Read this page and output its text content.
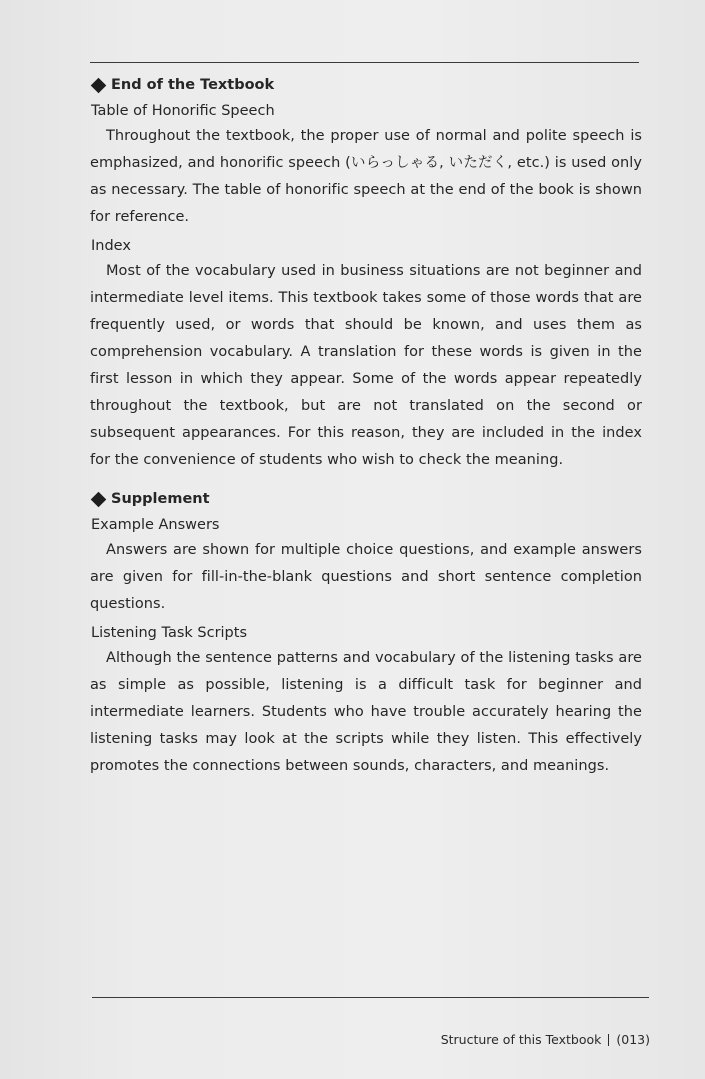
End of the Textbook
Table of Honorific Speech

Throughout the textbook, the proper use of normal and polite speech is emphasized, and honorific speech (いらっしゃる, いただく, etc.) is used only as necessary. The table of honorific speech at the end of the book is shown for reference.

Index

Most of the vocabulary used in business situations are not beginner and intermediate level items. This textbook takes some of those words that are frequently used, or words that should be known, and uses them as comprehension vocabulary. A translation for these words is given in the first lesson in which they appear. Some of the words appear repeatedly throughout the textbook, but are not translated on the second or subsequent appearances. For this reason, they are included in the index for the convenience of students who wish to check the meaning.

Supplement
Example Answers

Answers are shown for multiple choice questions, and example answers are given for fill-in-the-blank questions and short sentence completion questions.

Listening Task Scripts

Although the sentence patterns and vocabulary of the listening tasks are as simple as possible, listening is a difficult task for beginner and intermediate learners. Students who have trouble accurately hearing the listening tasks may look at the scripts while they listen. This effectively promotes the connections between sounds, characters, and meanings.

Structure of this Textbook (013)
